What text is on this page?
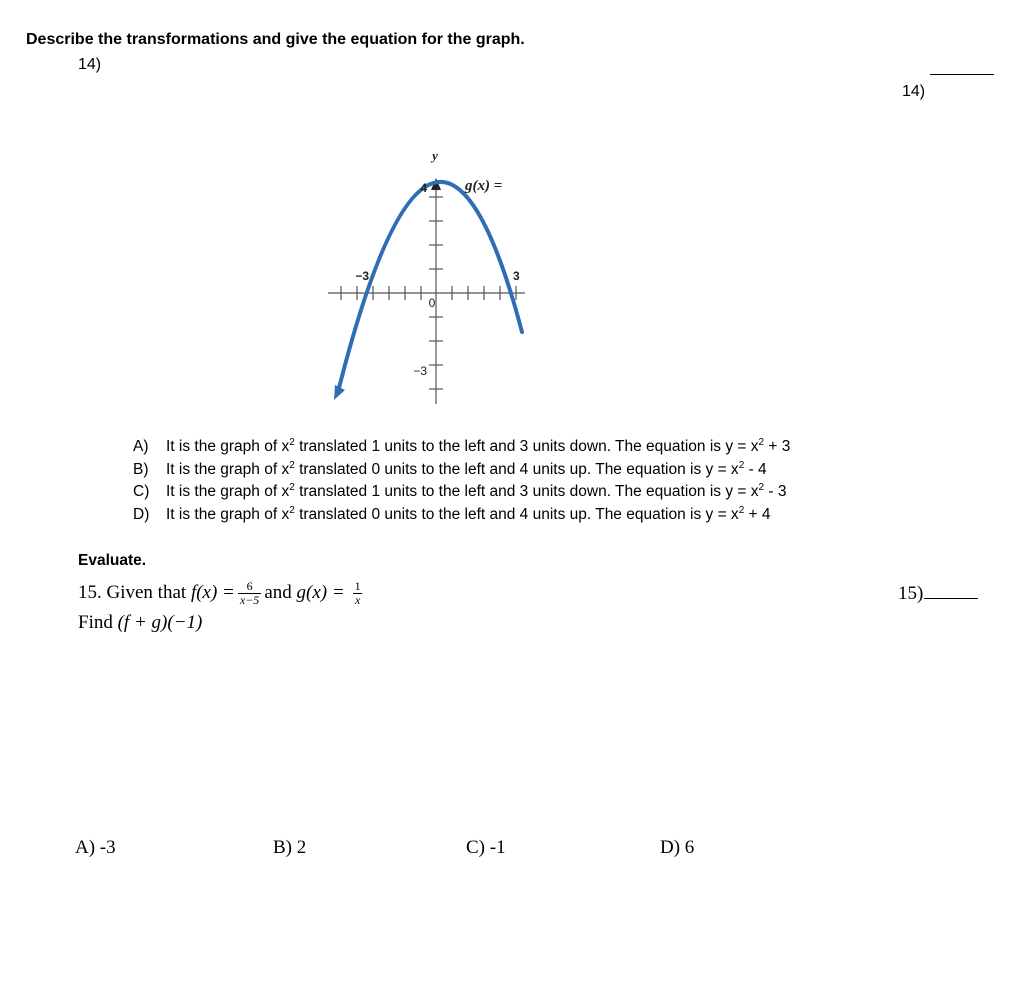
Describe the transformations and give the equation for the graph.
14)
14)
y
4	g(x) =
−3	3
0
−3
A)	It is the graph of $x^2$ translated 1 units to the left and 3 units down. The equation is $y = x^2 + 3$
B)	It is the graph of $x^2$ translated 0 units to the left and 4 units up. The equation is $y = x^2 - 4$
C)	It is the graph of $x^2$ translated 1 units to the left and 3 units down. The equation is $y = x^2 - 3$
D)	It is the graph of $x^2$ translated 0 units to the left and 4 units up. The equation is $y = x^2 + 4$
Evaluate.
15. Given that $f(x) = \frac{6}{x-5}$ and $g(x) = \frac{1}{x}$
Find (f + g)(−1)
15)
A) -3	B) 2	C) -1	D) 6
